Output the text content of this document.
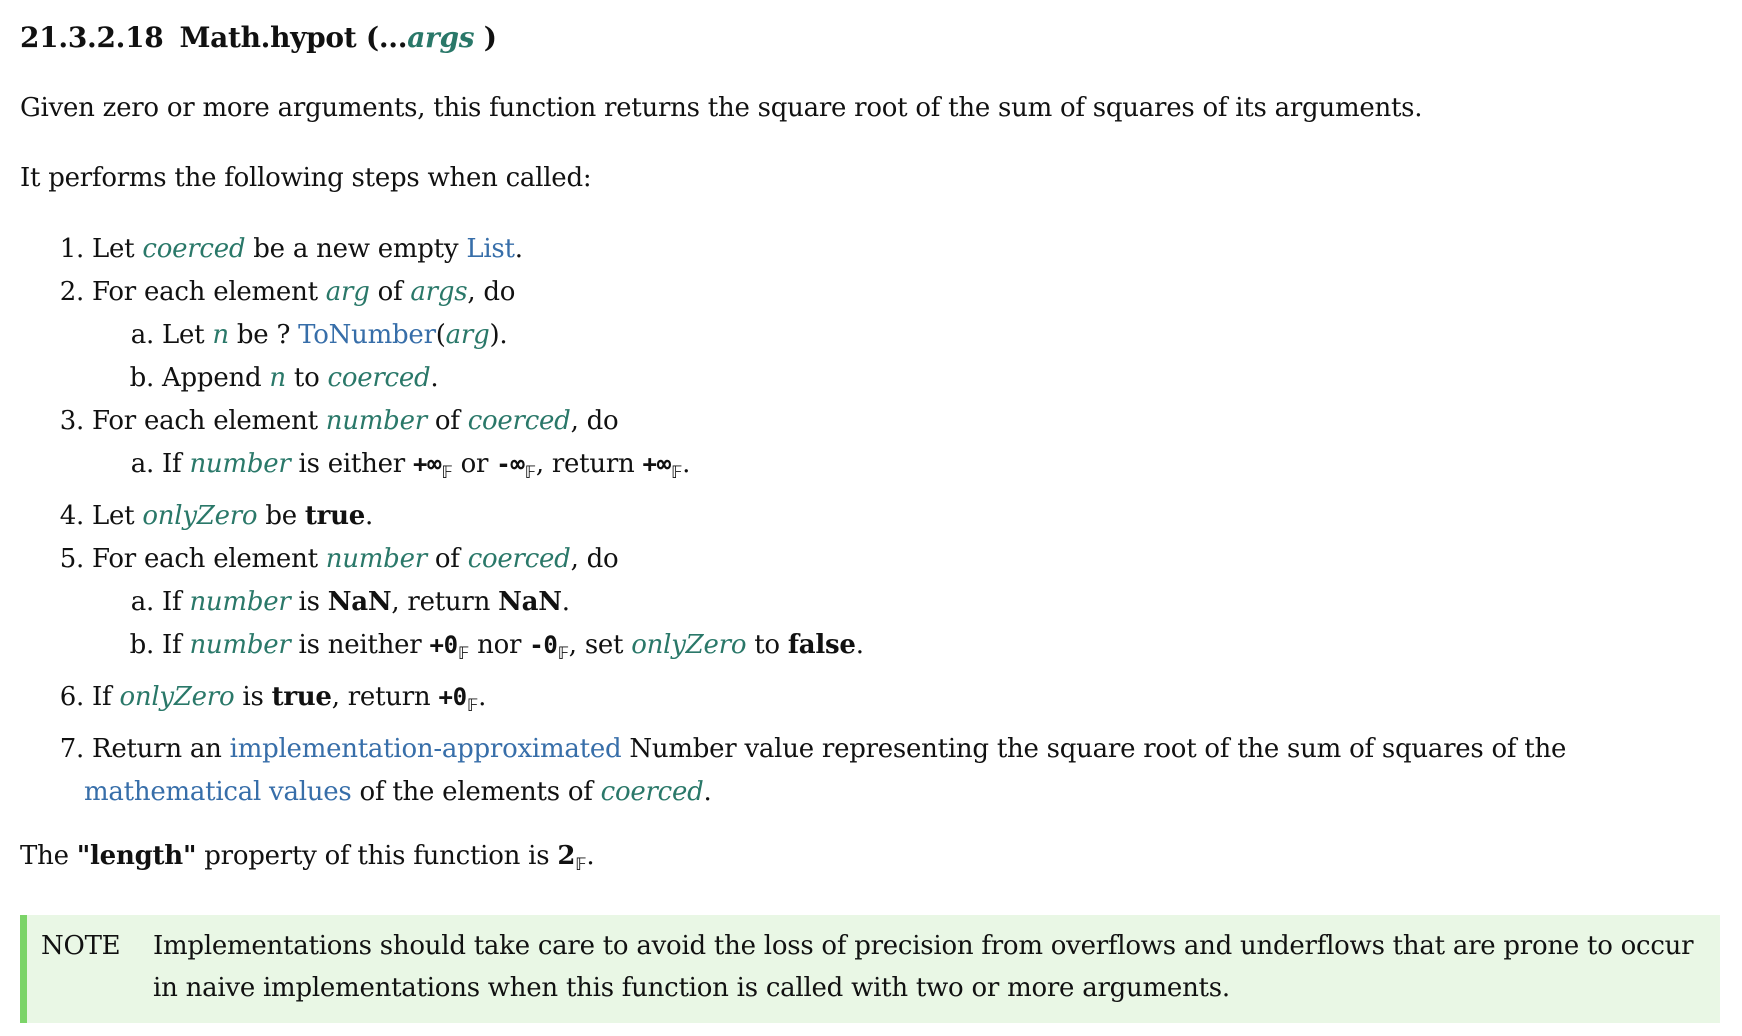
21.3.2.18 Math.hypot (...args )

Given zero or more arguments, this function returns the square root of the sum of squares of its arguments.

It performs the following steps when called:

1. Let coerced be a new empty List.
2. For each element arg of args, do
a. Let n be ? ToNumber(arg).
b. Append n to coerced.
3. For each element number of coerced, do
a. If number is either $+\infty_𝔽$ or $-\infty_𝔽$, return $+\infty_𝔽$.
4. Let onlyZero be true.
5. For each element number of coerced, do
a. If number is NaN, return NaN.
b. If number is neither $+0_𝔽$ nor $-0_𝔽$, set onlyZero to false.
6. If onlyZero is true, return $+0_𝔽$.
7. Return an implementation-approximated Number value representing the square root of the sum of squares of the
mathematical values of the elements of coerced.

The "length" property of this function is $2_𝔽$.

NOTE	Implementations should take care to avoid the loss of precision from overflows and underflows that are prone to occur in naive implementations when this function is called with two or more arguments.
